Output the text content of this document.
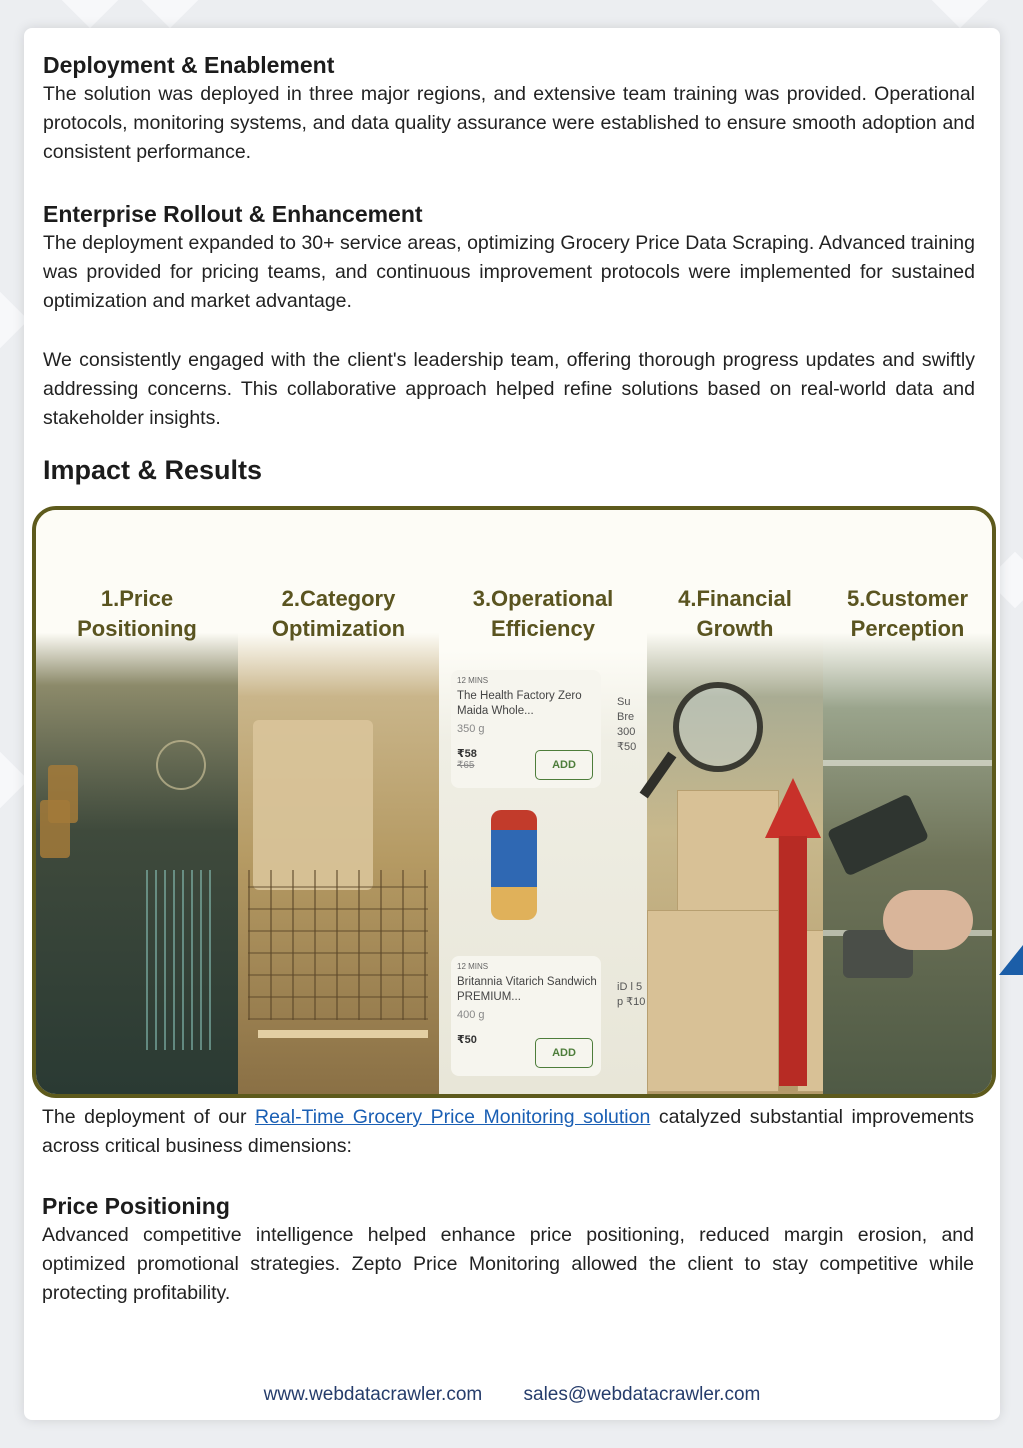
Deployment & Enablement

The solution was deployed in three major regions, and extensive team training was provided. Operational protocols, monitoring systems, and data quality assurance were established to ensure smooth adoption and consistent performance.

Enterprise Rollout & Enhancement

The deployment expanded to 30+ service areas, optimizing Grocery Price Data Scraping. Advanced training was provided for pricing teams, and continuous improvement protocols were implemented for sustained optimization and market advantage.

We consistently engaged with the client's leadership team, offering thorough progress updates and swiftly addressing concerns. This collaborative approach helped refine solutions based on real-world data and stakeholder insights.

Impact & Results
1.Price
Positioning
2.Category
Optimization
12 MINS
The Health Factory Zero Maida Whole...
350 g
₹58
₹65	ADD
Su Bre 300 ₹50
12 MINS
Britannia Vitarich Sandwich PREMIUM...
400 g
₹50
ADD
iD l 5 p ₹10
3.Operational
Efficiency
4.Financial
Growth
5.Customer
Perception

The deployment of our Real-Time Grocery Price Monitoring solution catalyzed substantial improvements across critical business dimensions:

Price Positioning

Advanced competitive intelligence helped enhance price positioning, reduced margin erosion, and optimized promotional strategies. Zepto Price Monitoring allowed the client to stay competitive while protecting profitability.

www.webdatacrawler.com sales@webdatacrawler.com
